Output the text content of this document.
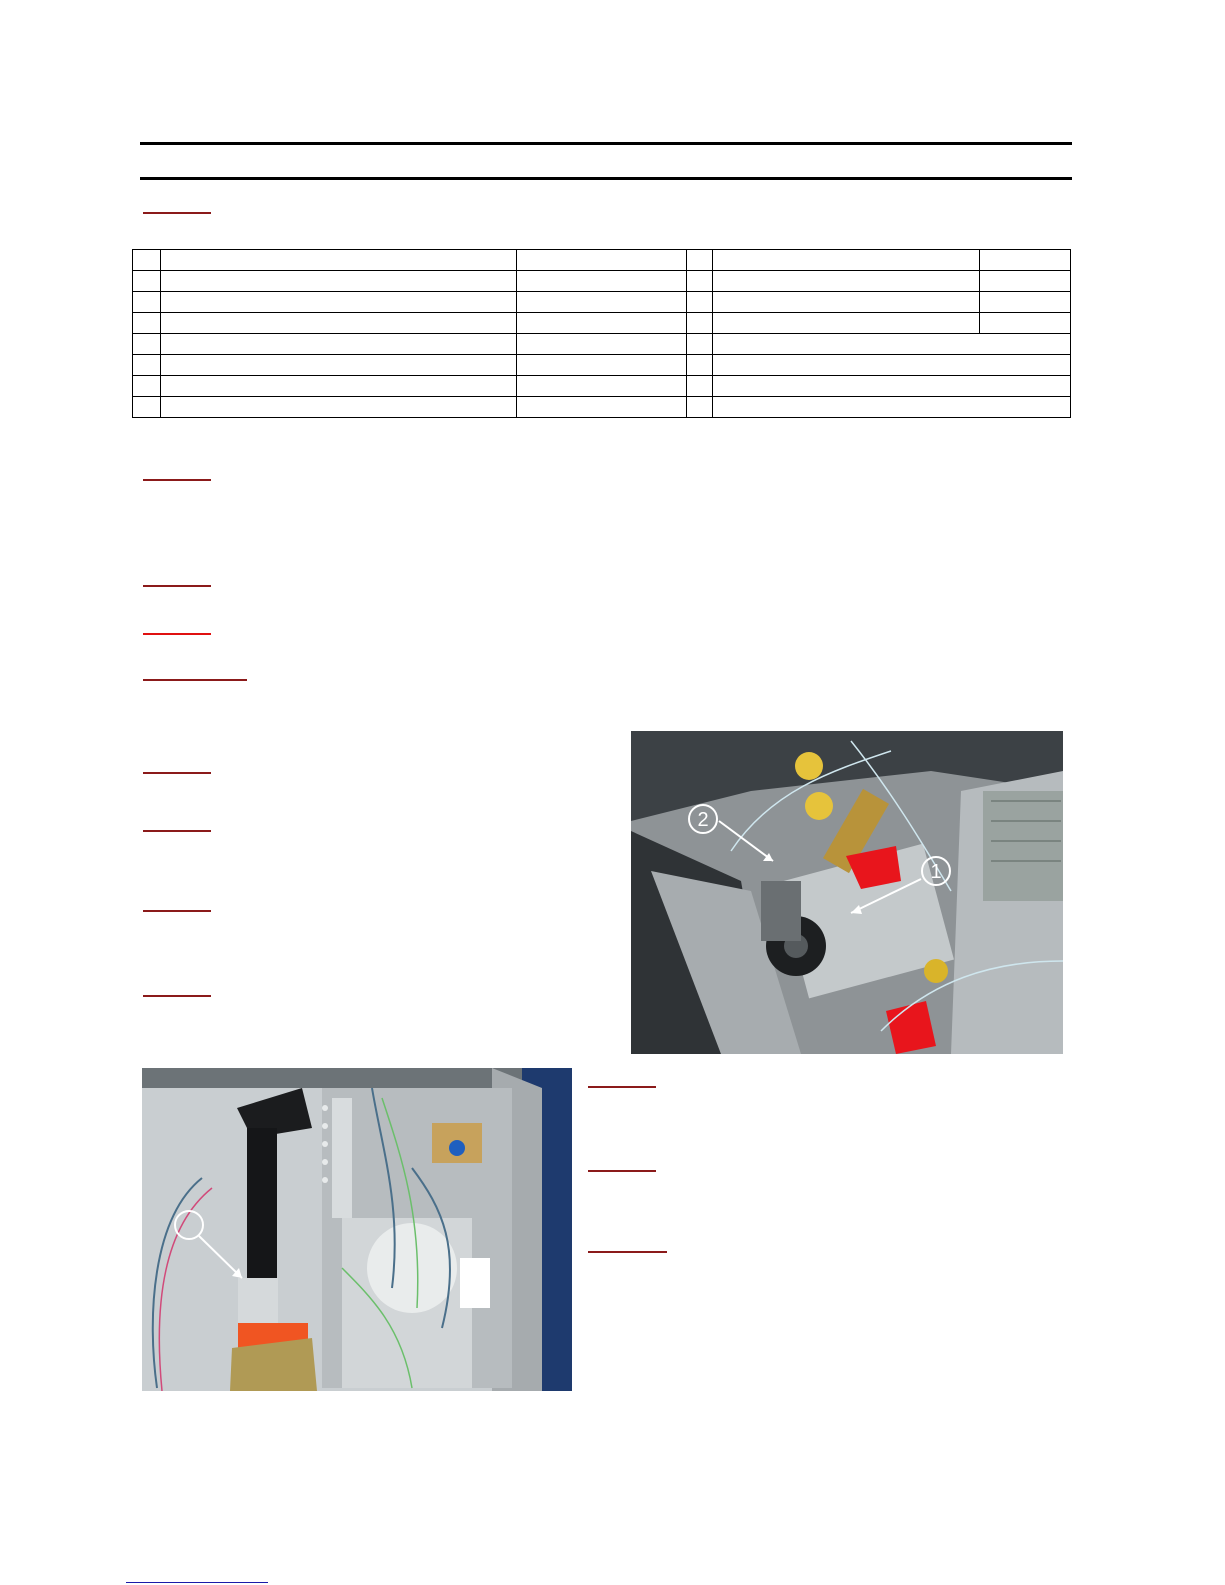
2
1
